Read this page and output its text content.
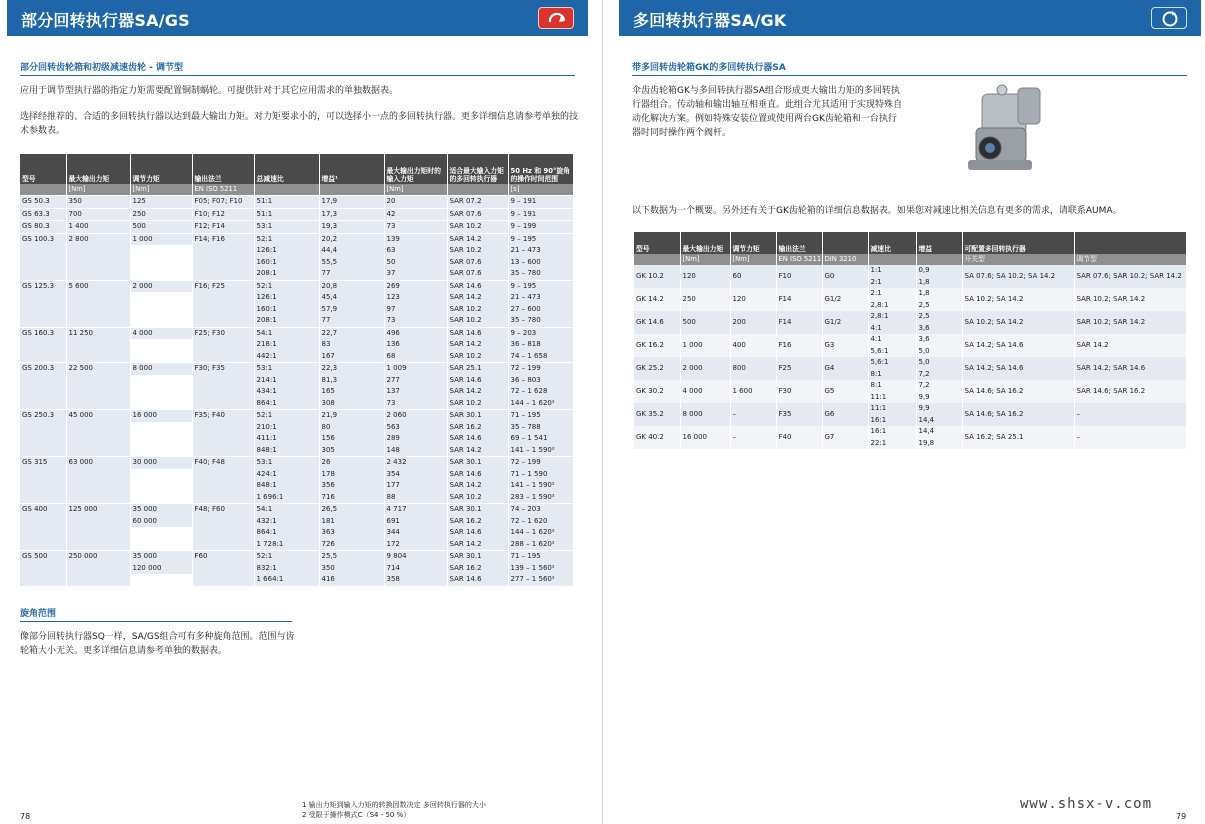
部分回转执行器SA/GS
部分回转齿轮箱和初级减速齿轮 - 调节型
应用于调节型执行器的指定力矩需要配置铜制蜗轮。可提供针对于其它应用需求的单独数据表。
选择经推荐的、合适的多回转执行器以达到最大输出力矩。对力矩要求小的，可以选择小一点的多回转执行器。更多详细信息请参考单独的技
术参数表。
型号	最大输出力矩	调节力矩	输出法兰	总减速比	增益¹	最大输出力矩时的输入力矩	适合最大输入力矩的多回转执行器	50 Hz 和 90°旋角的操作时间范围
	[Nm]	[Nm]	EN ISO 5211			[Nm]		[s]
GS 50.3	350	125	F05; F07; F10	51:1	17,9	20	SAR 07.2	9 – 191
GS 63.3	700	250	F10; F12	51:1	17,3	42	SAR 07.6	9 – 191
GS 80.3	1 400	500	F12; F14	53:1	19,3	73	SAR 10.2	9 – 199
GS 100.3	2 800	1 000	F14; F16	52:1	20,2	139	SAR 14.2	9 – 195
				126:1	44,4	63	SAR 10.2	21 – 473
				160:1	55,5	50	SAR 07.6	13 – 600
				208:1	77	37	SAR 07.6	35 – 780
GS 125.3	5 600	2 000	F16; F25	52:1	20,8	269	SAR 14.6	9 – 195
				126:1	45,4	123	SAR 14.2	21 – 473
				160:1	57,9	97	SAR 10.2	27 – 600
				208:1	77	73	SAR 10.2	35 – 780
GS 160.3	11 250	4 000	F25; F30	54:1	22,7	496	SAR 14.6	9 – 203
				218:1	83	136	SAR 14.2	36 – 818
				442:1	167	68	SAR 10.2	74 – 1 658
GS 200.3	22 500	8 000	F30; F35	53:1	22,3	1 009	SAR 25.1	72 – 199
				214:1	81,3	277	SAR 14.6	36 – 803
				434:1	165	137	SAR 14.2	72 – 1 628
				864:1	308	73	SAR 10.2	144 – 1 620²
GS 250.3	45 000	16 000	F35; F40	52:1	21,9	2 060	SAR 30.1	71 – 195
				210:1	80	563	SAR 16.2	35 – 788
				411:1	156	289	SAR 14.6	69 – 1 541
				848:1	305	148	SAR 14.2	141 – 1 590²
GS 315	63 000	30 000	F40; F48	53:1	26	2 432	SAR 30.1	72 – 199
				424:1	178	354	SAR 14.6	71 – 1 590
				848:1	356	177	SAR 14.2	141 – 1 590²
				1 696:1	716	88	SAR 10.2	283 – 1 590²
GS 400	125 000	35 000	F48; F60	54:1	26,5	4 717	SAR 30.1	74 – 203
		60 000		432:1	181	691	SAR 16.2	72 – 1 620
				864:1	363	344	SAR 14.6	144 – 1 620²
				1 728:1	726	172	SAR 14.2	288 – 1 620²
GS 500	250 000	35 000	F60	52:1	25,5	9 804	SAR 30.1	71 – 195
		120 000		832:1	350	714	SAR 16.2	139 – 1 560²
				1 664:1	416	358	SAR 14.6	277 – 1 560²
旋角范围
像部分回转执行器SQ一样，SA/GS组合可有多种旋角范围。范围与齿
轮箱大小无关。更多详细信息请参考单独的数据表。
1 输出力矩到输入力矩的转换因数决定 多回转执行器的大小
2 受限于操作模式C（S4 - 50 %）
78
多回转执行器SA/GK
带多回转齿轮箱GK的多回转执行器SA
伞齿齿轮箱GK与多回转执行器SA组合形成更大输出力矩的多回转执
行器组合。传动轴和输出轴互相垂直。此组合尤其适用于实现特殊自
动化解决方案。例如特殊安装位置或使用两台GK齿轮箱和一台执行
器时同时操作两个阀杆。
以下数据为一个概要。另外还有关于GK齿轮箱的详细信息数据表。如果您对减速比相关信息有更多的需求，请联系AUMA。
型号	最大输出力矩	调节力矩	输出法兰		减速比	增益	可配置多回转执行器	
	[Nm]	[Nm]	EN ISO 5211	DIN 3210			开关型	调节型
GK 10.2	120	60	F10	G0	1:1	0,9	SA 07.6; SA 10.2; SA 14.2	SAR 07.6; SAR 10.2; SAR 14.2
					2:1	1,8		
GK 14.2	250	120	F14	G1/2	2:1	1,8	SA 10.2; SA 14.2	SAR 10.2; SAR 14.2
					2,8:1	2,5		
GK 14.6	500	200	F14	G1/2	2,8:1	2,5	SA 10.2; SA 14.2	SAR 10.2; SAR 14.2
					4:1	3,6		
GK 16.2	1 000	400	F16	G3	4:1	3,6	SA 14.2; SA 14.6	SAR 14.2
					5,6:1	5,0		
GK 25.2	2 000	800	F25	G4	5,6:1	5,0	SA 14.2; SA 14.6	SAR 14.2; SAR 14.6
					8:1	7,2		
GK 30.2	4 000	1 600	F30	G5	8:1	7,2	SA 14.6; SA 16.2	SAR 14.6; SAR 16.2
					11:1	9,9		
GK 35.2	8 000	–	F35	G6	11:1	9,9	SA 14.6; SA 16.2	–
					16:1	14,4		
GK 40.2	16 000	–	F40	G7	16:1	14,4	SA 16.2; SA 25.1	–
					22:1	19,8		
www.shsx-v.com
79
